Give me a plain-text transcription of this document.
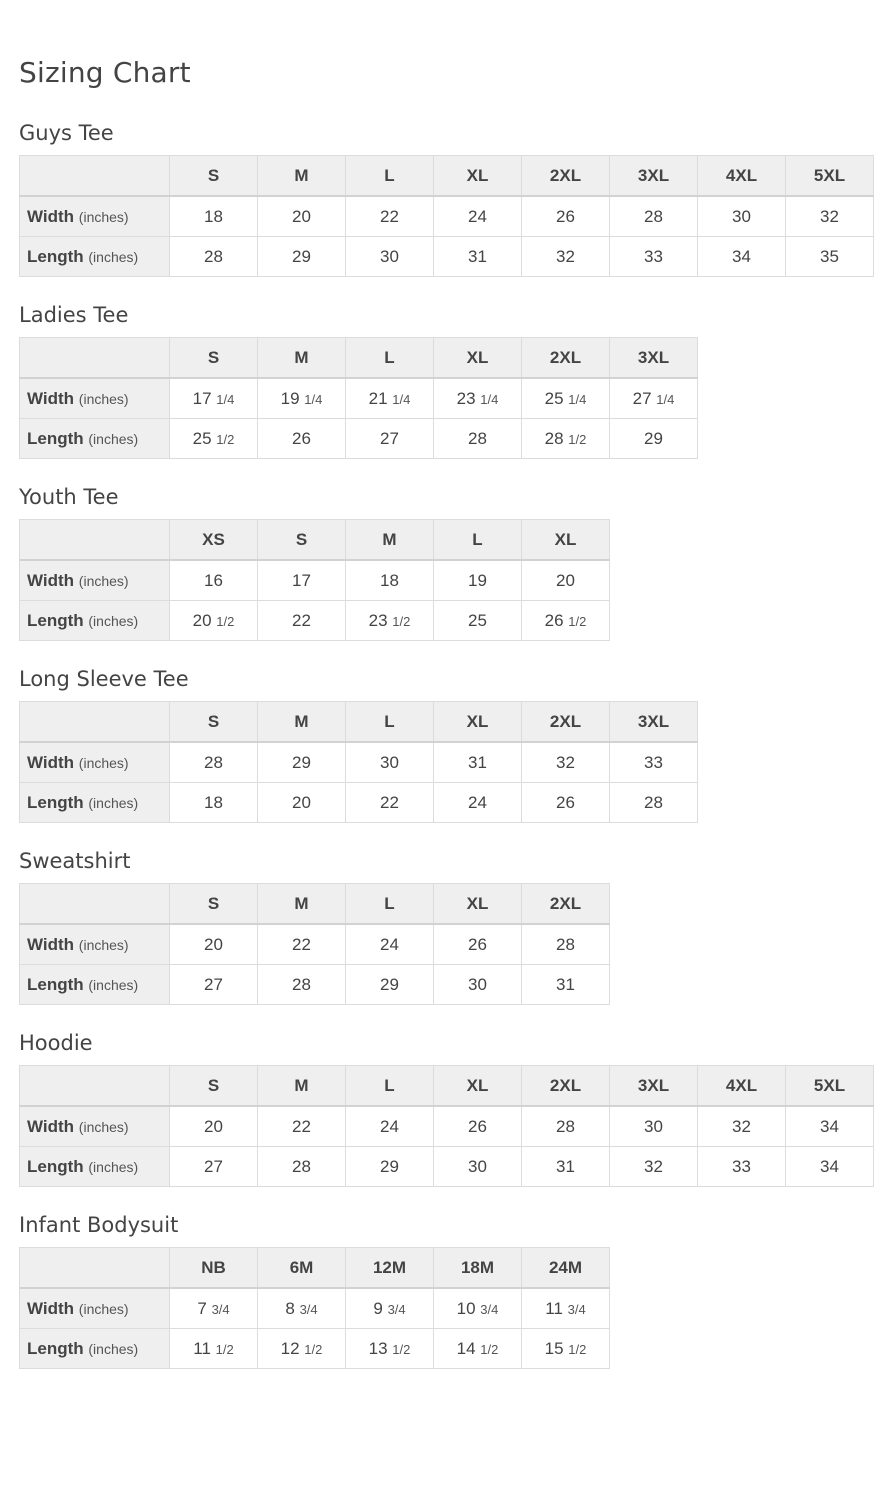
Sizing Chart
Guys Tee
	S	M	L	XL	2XL	3XL	4XL	5XL
Width (inches)	18	20	22	24	26	28	30	32
Length (inches)	28	29	30	31	32	33	34	35
Ladies Tee
	S	M	L	XL	2XL	3XL
Width (inches)	17 1/4	19 1/4	21 1/4	23 1/4	25 1/4	27 1/4
Length (inches)	25 1/2	26	27	28	28 1/2	29
Youth Tee
	XS	S	M	L	XL
Width (inches)	16	17	18	19	20
Length (inches)	20 1/2	22	23 1/2	25	26 1/2
Long Sleeve Tee
	S	M	L	XL	2XL	3XL
Width (inches)	28	29	30	31	32	33
Length (inches)	18	20	22	24	26	28
Sweatshirt
	S	M	L	XL	2XL
Width (inches)	20	22	24	26	28
Length (inches)	27	28	29	30	31
Hoodie
	S	M	L	XL	2XL	3XL	4XL	5XL
Width (inches)	20	22	24	26	28	30	32	34
Length (inches)	27	28	29	30	31	32	33	34
Infant Bodysuit
	NB	6M	12M	18M	24M
Width (inches)	7 3/4	8 3/4	9 3/4	10 3/4	11 3/4
Length (inches)	11 1/2	12 1/2	13 1/2	14 1/2	15 1/2
